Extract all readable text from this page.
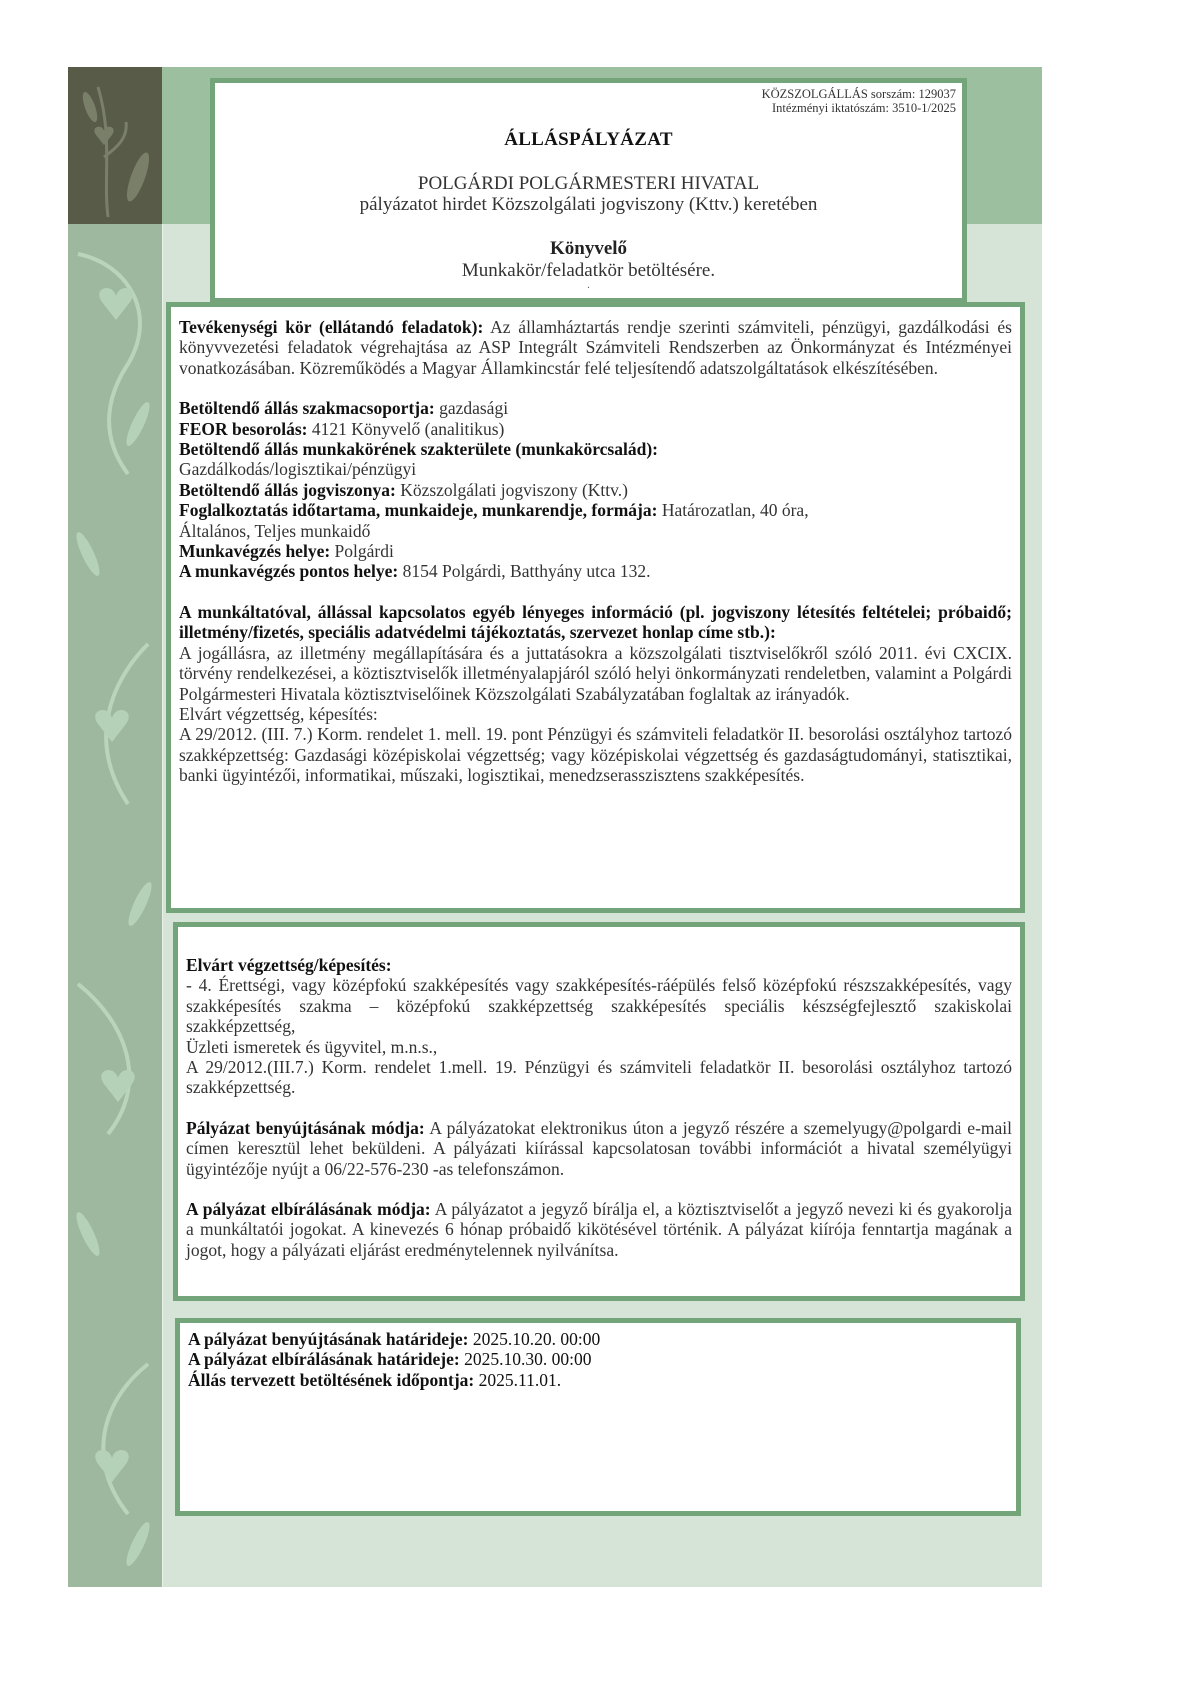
KÖZSZOLGÁLLÁS sorszám: 129037
Intézményi iktatószám: 3510-1/2025
ÁLLÁSPÁLYÁZAT
POLGÁRDI POLGÁRMESTERI HIVATAL
pályázatot hirdet Közszolgálati jogviszony (Kttv.) keretében
Könyvelő
Munkakör/feladatkör betöltésére.
.

Tevékenységi kör (ellátandó feladatok): Az államháztartás rendje szerinti számviteli, pénzügyi, gazdálkodási és könyvvezetési feladatok végrehajtása az ASP Integrált Számviteli Rendszerben az Önkormányzat és Intézményei vonatkozásában. Közreműködés a Magyar Államkincstár felé teljesítendő adatszolgáltatások elkészítésében.

Betöltendő állás szakmacsoportja: gazdasági
FEOR besorolás: 4121 Könyvelő (analitikus)
Betöltendő állás munkakörének szakterülete (munkakörcsalád):
Gazdálkodás/logisztikai/pénzügyi
Betöltendő állás jogviszonya: Közszolgálati jogviszony (Kttv.)
Foglalkoztatás időtartama, munkaideje, munkarendje, formája: Határozatlan, 40 óra,
Általános, Teljes munkaidő
Munkavégzés helye: Polgárdi
A munkavégzés pontos helye: 8154 Polgárdi, Batthyány utca 132.

A munkáltatóval, állással kapcsolatos egyéb lényeges információ (pl. jogviszony létesítés feltételei; próbaidő; illetmény/fizetés, speciális adatvédelmi tájékoztatás, szervezet honlap címe stb.):

A jogállásra, az illetmény megállapítására és a juttatásokra a közszolgálati tisztviselőkről szóló 2011. évi CXCIX. törvény rendelkezései, a köztisztviselők illetményalapjáról szóló helyi önkormányzati rendeletben, valamint a Polgárdi Polgármesteri Hivatala köztisztviselőinek Közszolgálati Szabályzatában foglaltak az irányadók.

Elvárt végzettség, képesítés:

A 29/2012. (III. 7.) Korm. rendelet 1. mell. 19. pont Pénzügyi és számviteli feladatkör II. besorolási osztályhoz tartozó szakképzettség: Gazdasági középiskolai végzettség; vagy középiskolai végzettség és gazdaságtudományi, statisztikai, banki ügyintézői, informatikai, műszaki, logisztikai, menedzserasszisztens szakképesítés.

Elvárt végzettség/képesítés:

- 4. Érettségi, vagy középfokú szakképesítés vagy szakképesítés-ráépülés felső középfokú részszakképesítés, vagy szakképesítés szakma – középfokú szakképzettség szakképesítés speciális készségfejlesztő szakiskolai szakképzettség,

Üzleti ismeretek és ügyvitel, m.n.s.,

A 29/2012.(III.7.) Korm. rendelet 1.mell. 19. Pénzügyi és számviteli feladatkör II. besorolási osztályhoz tartozó szakképzettség.

Pályázat benyújtásának módja: A pályázatokat elektronikus úton a jegyző részére a szemelyugy@polgardi e-mail címen keresztül lehet beküldeni. A pályázati kiírással kapcsolatosan további információt a hivatal személyügyi ügyintézője nyújt a 06/22-576-230 -as telefonszámon.

A pályázat elbírálásának módja: A pályázatot a jegyző bírálja el, a köztisztviselőt a jegyző nevezi ki és gyakorolja a munkáltatói jogokat. A kinevezés 6 hónap próbaidő kikötésével történik. A pályázat kiírója fenntartja magának a jogot, hogy a pályázati eljárást eredménytelennek nyilvánítsa.

A pályázat benyújtásának határideje: 2025.10.20. 00:00
A pályázat elbírálásának határideje: 2025.10.30. 00:00
Állás tervezett betöltésének időpontja: 2025.11.01.
